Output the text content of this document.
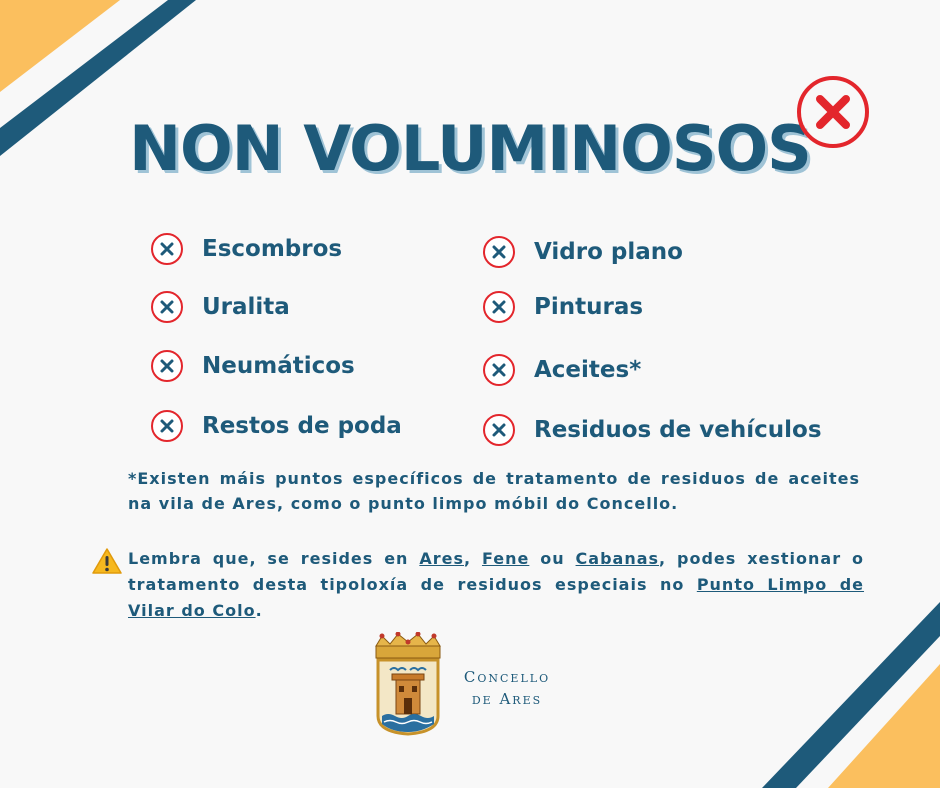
NON VOLUMINOSOS
Escombros
Uralita
Neumáticos
Restos de poda
Vidro plano
Pinturas
Aceites*
Residuos de vehículos

*Existen máis puntos específicos de tratamento de residuos de aceites na vila de Ares, como o punto limpo móbil do Concello.

Lembra que, se resides en Ares, Fene ou Cabanas, podes xestionar o tratamento desta tipoloxía de residuos especiais no Punto Limpo de Vilar do Colo.

Concello
de Ares
